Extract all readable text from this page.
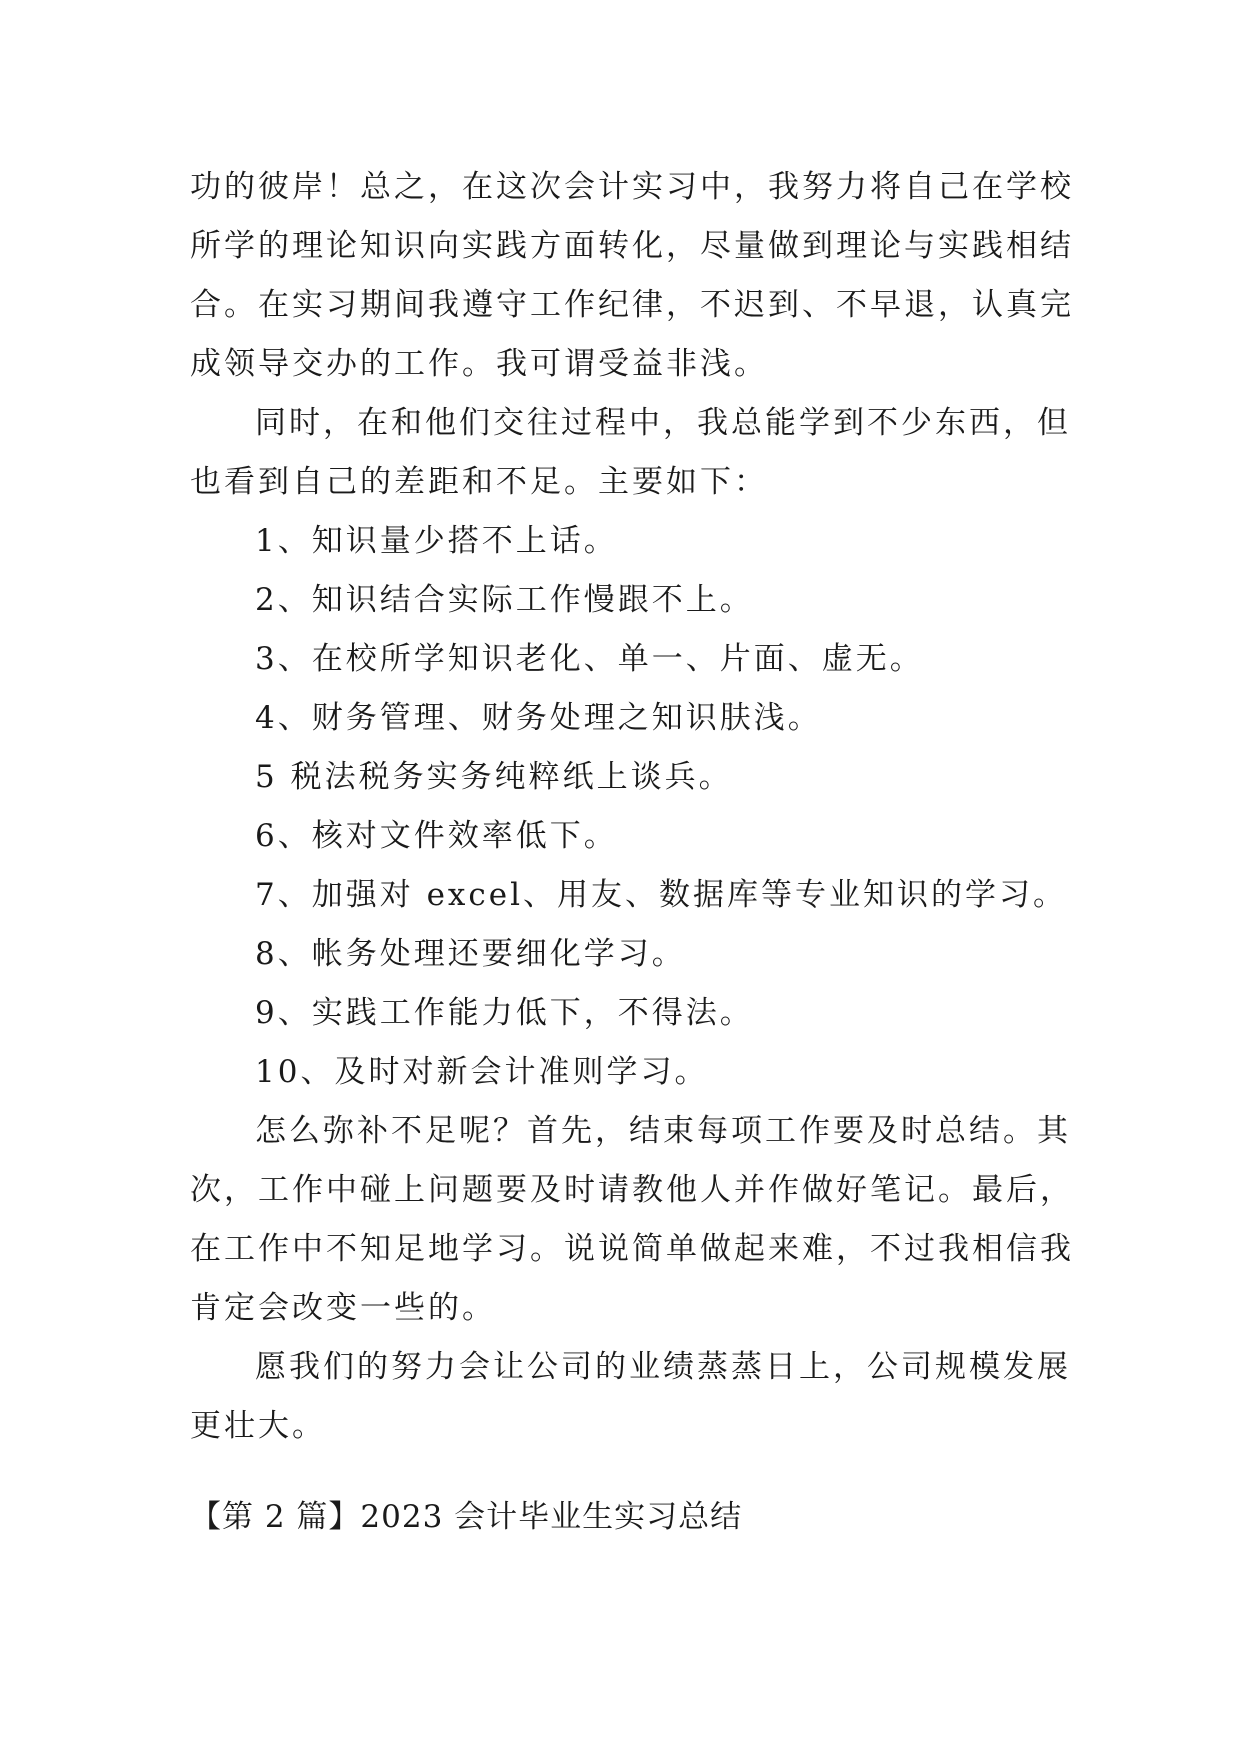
功的彼岸！总之，在这次会计实习中，我努力将自己在学校

所学的理论知识向实践方面转化，尽量做到理论与实践相结

合。在实习期间我遵守工作纪律，不迟到、不早退，认真完

成领导交办的工作。我可谓受益非浅。

同时，在和他们交往过程中，我总能学到不少东西，但

也看到自己的差距和不足。主要如下：

1、知识量少搭不上话。

2、知识结合实际工作慢跟不上。

3、在校所学知识老化、单一、片面、虚无。

4、财务管理、财务处理之知识肤浅。

5 税法税务实务纯粹纸上谈兵。

6、核对文件效率低下。

7、加强对 excel、用友、数据库等专业知识的学习。

8、帐务处理还要细化学习。

9、实践工作能力低下，不得法。

10、及时对新会计准则学习。

怎么弥补不足呢？首先，结束每项工作要及时总结。其

次，工作中碰上问题要及时请教他人并作做好笔记。最后，

在工作中不知足地学习。说说简单做起来难，不过我相信我

肯定会改变一些的。

愿我们的努力会让公司的业绩蒸蒸日上，公司规模发展

更壮大。

【第 2 篇】2023 会计毕业生实习总结
